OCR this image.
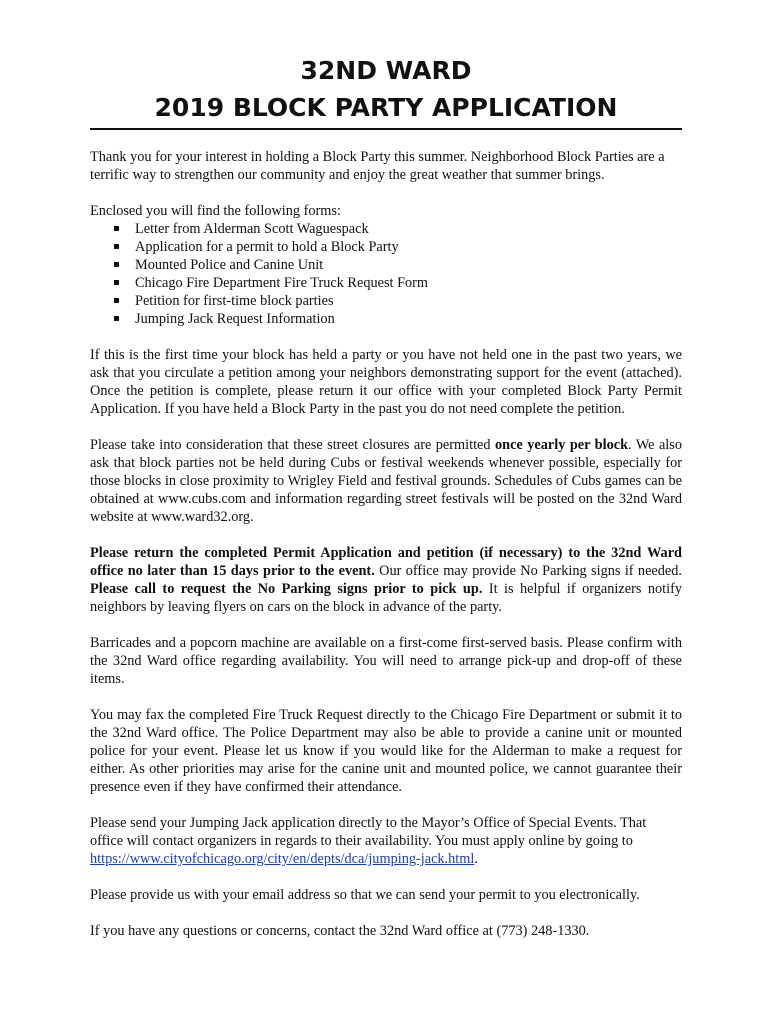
32ND WARD
2019 BLOCK PARTY APPLICATION

Thank you for your interest in holding a Block Party this summer. Neighborhood Block Parties are a terrific way to strengthen our community and enjoy the great weather that summer brings.

Enclosed you will find the following forms:
Letter from Alderman Scott Waguespack
Application for a permit to hold a Block Party
Mounted Police and Canine Unit
Chicago Fire Department Fire Truck Request Form
Petition for first-time block parties
Jumping Jack Request Information

If this is the first time your block has held a party or you have not held one in the past two years, we ask that you circulate a petition among your neighbors demonstrating support for the event (attached). Once the petition is complete, please return it our office with your completed Block Party Permit Application. If you have held a Block Party in the past you do not need complete the petition.

Please take into consideration that these street closures are permitted once yearly per block. We also ask that block parties not be held during Cubs or festival weekends whenever possible, especially for those blocks in close proximity to Wrigley Field and festival grounds. Schedules of Cubs games can be obtained at www.cubs.com and information regarding street festivals will be posted on the 32nd Ward website at www.ward32.org.

Please return the completed Permit Application and petition (if necessary) to the 32nd Ward office no later than 15 days prior to the event. Our office may provide No Parking signs if needed. Please call to request the No Parking signs prior to pick up. It is helpful if organizers notify neighbors by leaving flyers on cars on the block in advance of the party.

Barricades and a popcorn machine are available on a first-come first-served basis. Please confirm with the 32nd Ward office regarding availability. You will need to arrange pick-up and drop-off of these items.

You may fax the completed Fire Truck Request directly to the Chicago Fire Department or submit it to the 32nd Ward office. The Police Department may also be able to provide a canine unit or mounted police for your event. Please let us know if you would like for the Alderman to make a request for either. As other priorities may arise for the canine unit and mounted police, we cannot guarantee their presence even if they have confirmed their attendance.

Please send your Jumping Jack application directly to the Mayor’s Office of Special Events. That office will contact organizers in regards to their availability. You must apply online by going to https://www.cityofchicago.org/city/en/depts/dca/jumping-jack.html.

Please provide us with your email address so that we can send your permit to you electronically.

If you have any questions or concerns, contact the 32nd Ward office at (773) 248-1330.
